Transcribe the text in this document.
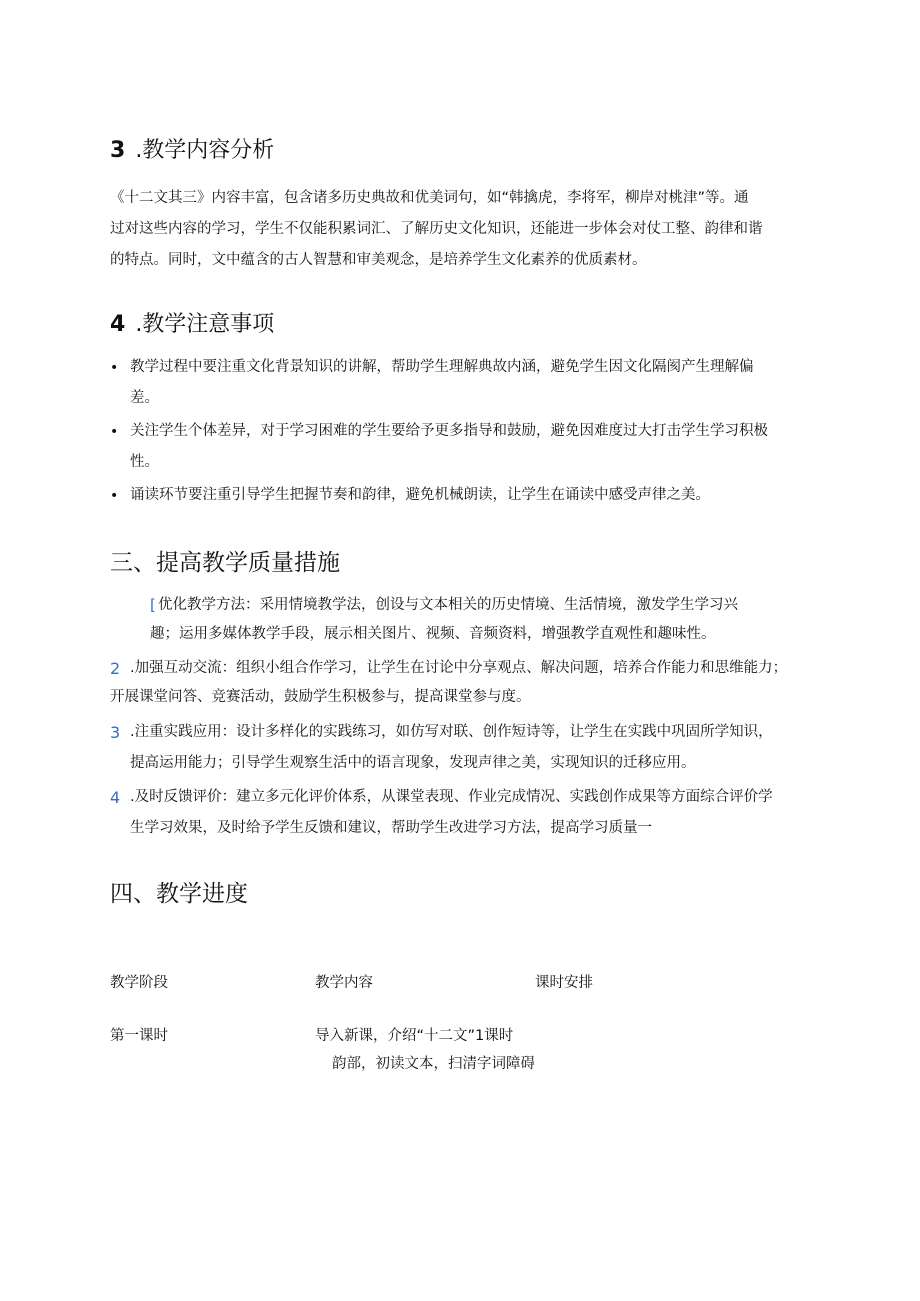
3 .教学内容分析
《十二文其三》内容丰富，包含诸多历史典故和优美词句，如“韩擒虎，李将军，柳岸对桃津”等。通
过对这些内容的学习，学生不仅能积累词汇、了解历史文化知识，还能进一步体会对仗工整、韵律和谐
的特点。同时，文中蕴含的古人智慧和审美观念，是培养学生文化素养的优质素材。
4 .教学注意事项
• 教学过程中要注重文化背景知识的讲解，帮助学生理解典故内涵，避免学生因文化隔阂产生理解偏
差。
• 关注学生个体差异，对于学习困难的学生要给予更多指导和鼓励，避免因难度过大打击学生学习积极
性。
• 诵读环节要注重引导学生把握节奏和韵律，避免机械朗读，让学生在诵读中感受声律之美。
三、提高教学质量措施
[ 优化教学方法：采用情境教学法，创设与文本相关的历史情境、生活情境，激发学生学习兴
趣；运用多媒体教学手段，展示相关图片、视频、音频资料，增强教学直观性和趣味性。
2 .加强互动交流：组织小组合作学习，让学生在讨论中分享观点、解决问题，培养合作能力和思维能力；
开展课堂问答、竞赛活动，鼓励学生积极参与，提高课堂参与度。
3 .注重实践应用：设计多样化的实践练习，如仿写对联、创作短诗等，让学生在实践中巩固所学知识，
提高运用能力；引导学生观察生活中的语言现象，发现声律之美，实现知识的迁移应用。
4 .及时反馈评价：建立多元化评价体系，从课堂表现、作业完成情况、实践创作成果等方面综合评价学
生学习效果，及时给予学生反馈和建议，帮助学生改进学习方法，提高学习质量一
四、教学进度
教学阶段	教学内容	课时安排
第一课时	导入新课，介绍“十二文”1课时
韵部，初读文本，扫清字词障碍
